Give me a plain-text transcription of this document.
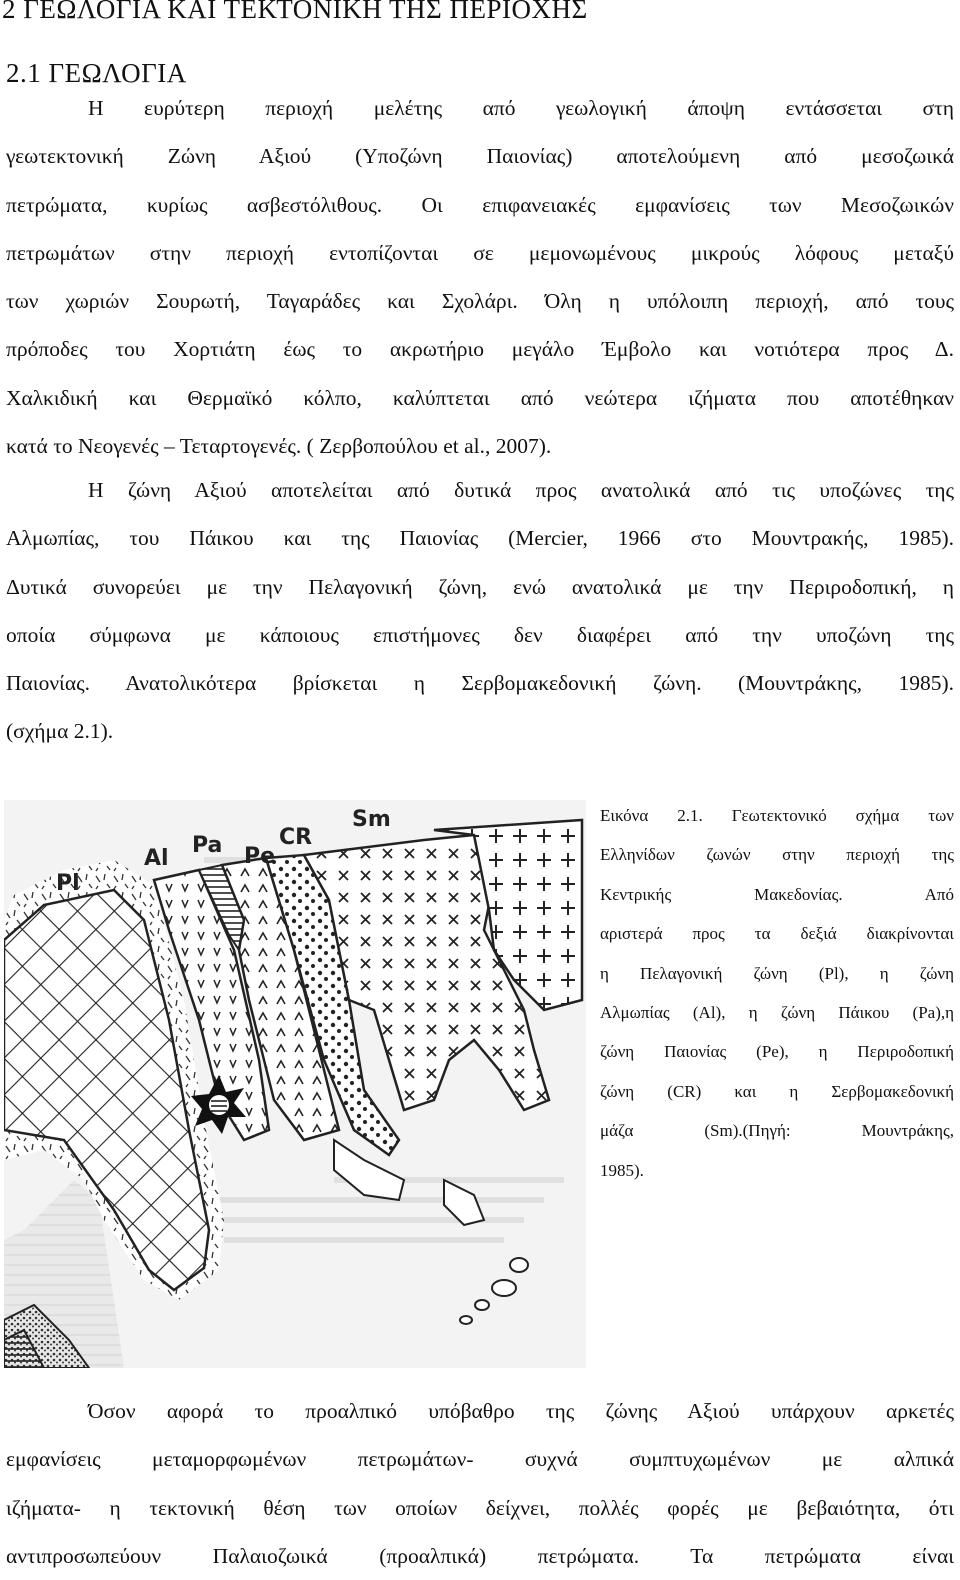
2 ΓΕΩΛΟΓΙΑ ΚΑΙ ΤΕΚΤΟΝΙΚΗ ΤΗΣ ΠΕΡΙΟΧΗΣ
2.1 ΓΕΩΛΟΓΙΑ
Η ευρύτερη περιοχή μελέτης από γεωλογική άποψη εντάσσεται στη
γεωτεκτονική Ζώνη Αξιού (Υποζώνη Παιονίας) αποτελούμενη από μεσοζωικά
πετρώματα, κυρίως ασβεστόλιθους. Οι επιφανειακές εμφανίσεις των Μεσοζωικών
πετρωμάτων στην περιοχή εντοπίζονται σε μεμονωμένους μικρούς λόφους μεταξύ
των χωριών Σουρωτή, Ταγαράδες και Σχολάρι. Όλη η υπόλοιπη περιοχή, από τους
πρόποδες του Χορτιάτη έως το ακρωτήριο μεγάλο Έμβολο και νοτιότερα προς Δ.
Χαλκιδική και Θερμαϊκό κόλπο, καλύπτεται από νεώτερα ιζήματα που αποτέθηκαν
κατά το Νεογενές – Τεταρτογενές. ( Ζερβοπούλου et al., 2007).
Η ζώνη Αξιού αποτελείται από δυτικά προς ανατολικά από τις υποζώνες της
Αλμωπίας, του Πάικου και της Παιονίας (Mercier, 1966 στο Μουντρακής, 1985).
Δυτικά συνορεύει με την Πελαγονική ζώνη, ενώ ανατολικά με την Περιροδοπική, η
οποία σύμφωνα με κάποιους επιστήμονες δεν διαφέρει από την υποζώνη της
Παιονίας. Ανατολικότερα βρίσκεται η Σερβομακεδονική ζώνη. (Μουντράκης, 1985).
(σχήμα 2.1).
Pl
Al
Pa Pe
CR
Sm	Εικόνα 2.1. Γεωτεκτονικό σχήμα των
Ελληνίδων ζωνών στην περιοχή της
Κεντρικής Μακεδονίας. Από
αριστερά προς τα δεξιά διακρίνονται
η Πελαγονική ζώνη (Pl), η ζώνη
Αλμωπίας (Al), η ζώνη Πάικου (Pa),η
ζώνη Παιονίας (Pe), η Περιροδοπική
ζώνη (CR) και η Σερβομακεδονική
μάζα (Sm).(Πηγή: Μουντράκης,
1985).
Όσον αφορά το προαλπικό υπόβαθρο της ζώνης Αξιού υπάρχουν αρκετές
εμφανίσεις μεταμορφωμένων πετρωμάτων- συχνά συμπτυχωμένων με αλπικά
ιζήματα- η τεκτονική θέση των οποίων δείχνει, πολλές φορές με βεβαιότητα, ότι
αντιπροσωπεύουν Παλαιοζωικά (προαλπικά) πετρώματα. Τα πετρώματα είναι
